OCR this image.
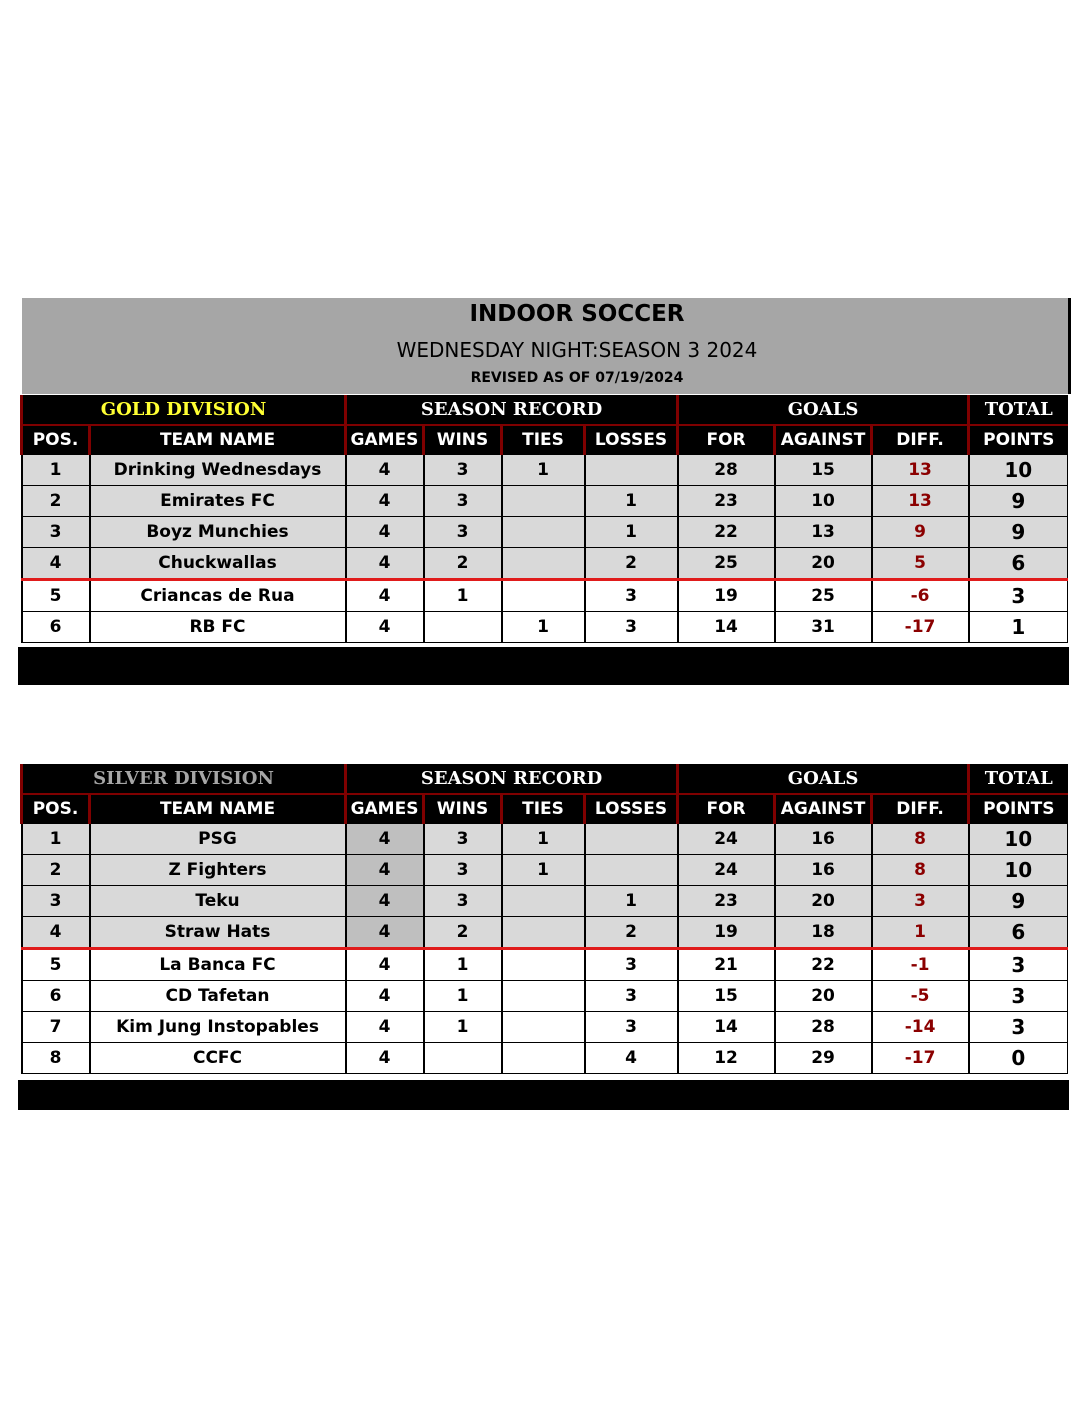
INDOOR SOCCER
WEDNESDAY NIGHT:SEASON 3 2024
REVISED AS OF 07/19/2024
GOLD DIVISION		SEASON RECORD				GOALS			TOTAL
POS.	TEAM NAME	GAMES	WINS	TIES	LOSSES	FOR	AGAINST	DIFF.	POINTS
1	Drinking Wednesdays	4	3	1		28	15	13	10
2	Emirates FC	4	3		1	23	10	13	9
3	Boyz Munchies	4	3		1	22	13	9	9
4	Chuckwallas	4	2		2	25	20	5	6
5	Criancas de Rua	4	1		3	19	25	-6	3
6	RB FC	4		1	3	14	31	-17	1
SILVER DIVISION		SEASON RECORD				GOALS			TOTAL
POS.	TEAM NAME	GAMES	WINS	TIES	LOSSES	FOR	AGAINST	DIFF.	POINTS
1	PSG	4	3	1		24	16	8	10
2	Z Fighters	4	3	1		24	16	8	10
3	Teku	4	3		1	23	20	3	9
4	Straw Hats	4	2		2	19	18	1	6
5	La Banca FC	4	1		3	21	22	-1	3
6	CD Tafetan	4	1		3	15	20	-5	3
7	Kim Jung Instopables	4	1		3	14	28	-14	3
8	CCFC	4			4	12	29	-17	0
